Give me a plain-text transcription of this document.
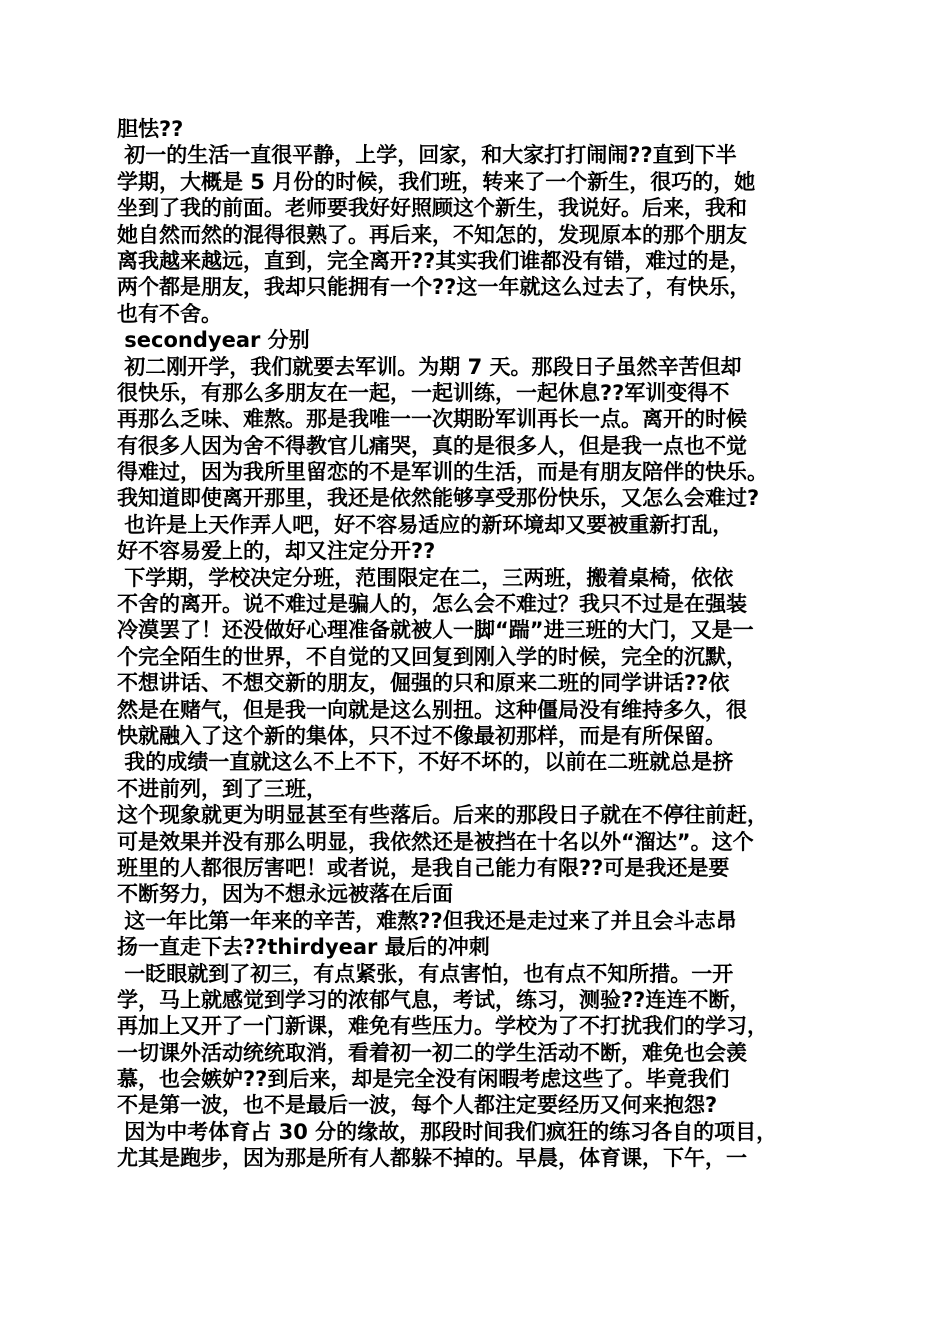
胆怯??
初一的生活一直很平静，上学，回家，和大家打打闹闹??直到下半
学期，大概是 5 月份的时候，我们班，转来了一个新生，很巧的，她
坐到了我的前面。老师要我好好照顾这个新生，我说好。后来，我和
她自然而然的混得很熟了。再后来，不知怎的，发现原本的那个朋友
离我越来越远，直到，完全离开??其实我们谁都没有错，难过的是，
两个都是朋友，我却只能拥有一个??这一年就这么过去了，有快乐，
也有不舍。
secondyear 分别
初二刚开学，我们就要去军训。为期 7 天。那段日子虽然辛苦但却
很快乐，有那么多朋友在一起，一起训练，一起休息??军训变得不
再那么乏味、难熬。那是我唯一一次期盼军训再长一点。离开的时候
有很多人因为舍不得教官儿痛哭，真的是很多人，但是我一点也不觉
得难过，因为我所里留恋的不是军训的生活，而是有朋友陪伴的快乐。
我知道即使离开那里，我还是依然能够享受那份快乐，又怎么会难过?
也许是上天作弄人吧，好不容易适应的新环境却又要被重新打乱，
好不容易爱上的，却又注定分开??
下学期，学校决定分班，范围限定在二，三两班，搬着桌椅，依依
不舍的离开。说不难过是骗人的，怎么会不难过？我只不过是在强装
冷漠罢了！还没做好心理准备就被人一脚“踹”进三班的大门，又是一
个完全陌生的世界，不自觉的又回复到刚入学的时候，完全的沉默，
不想讲话、不想交新的朋友，倔强的只和原来二班的同学讲话??依
然是在赌气，但是我一向就是这么别扭。这种僵局没有维持多久，很
快就融入了这个新的集体，只不过不像最初那样，而是有所保留。
我的成绩一直就这么不上不下，不好不坏的，以前在二班就总是挤
不进前列，到了三班，
这个现象就更为明显甚至有些落后。后来的那段日子就在不停往前赶，
可是效果并没有那么明显，我依然还是被挡在十名以外“溜达”。这个
班里的人都很厉害吧！或者说，是我自己能力有限??可是我还是要
不断努力，因为不想永远被落在后面
这一年比第一年来的辛苦，难熬??但我还是走过来了并且会斗志昂
扬一直走下去??thirdyear 最后的冲刺
一眨眼就到了初三，有点紧张，有点害怕，也有点不知所措。一开
学，马上就感觉到学习的浓郁气息，考试，练习，测验??连连不断，
再加上又开了一门新课，难免有些压力。学校为了不打扰我们的学习，
一切课外活动统统取消，看着初一初二的学生活动不断，难免也会羡
慕，也会嫉妒??到后来，却是完全没有闲暇考虑这些了。毕竟我们
不是第一波，也不是最后一波，每个人都注定要经历又何来抱怨?
因为中考体育占 30 分的缘故，那段时间我们疯狂的练习各自的项目，
尤其是跑步，因为那是所有人都躲不掉的。早晨，体育课，下午，一
